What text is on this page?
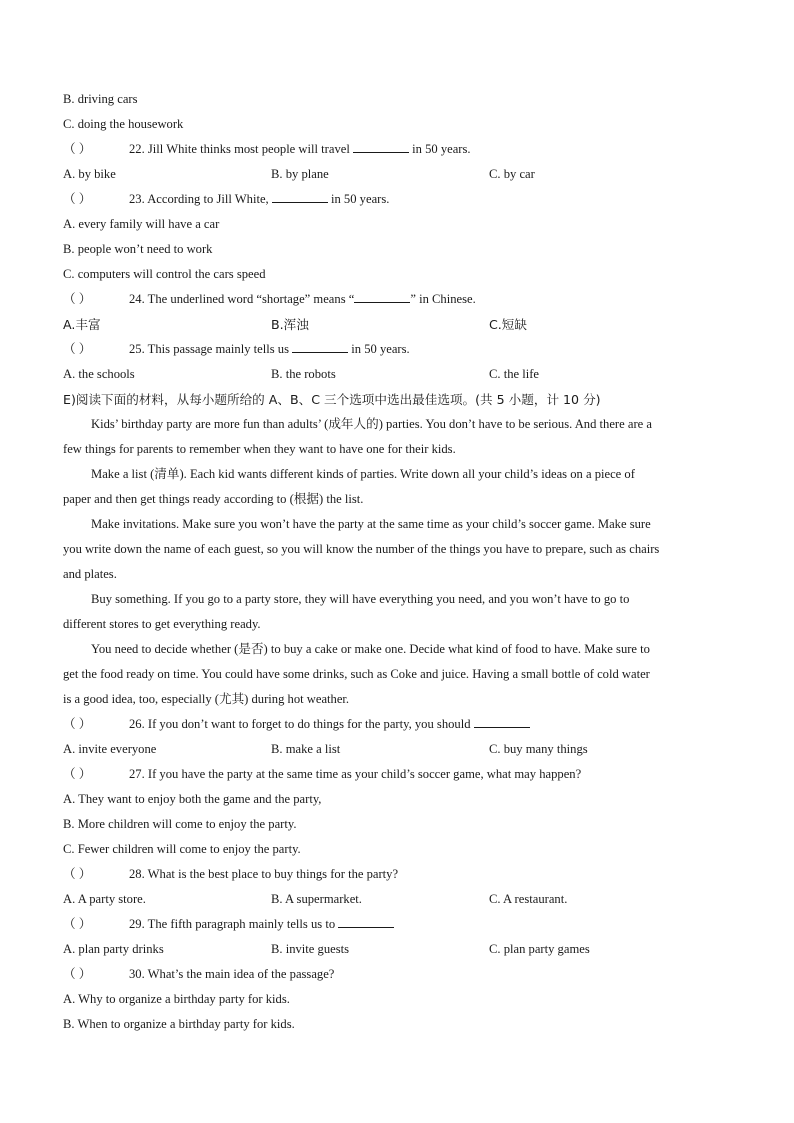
B. driving cars
C. doing the housework
（ ）	22. Jill White thinks most people will travel	in 50 years.
A. by bike	B. by plane	C. by car
（ ）	23. According to Jill White,	in 50 years.
A. every family will have a car
B. people won’t need to work
C. computers will control the cars speed
（ ）	24. The underlined word “shortage” means “	” in Chinese.
A.丰富	B.浑浊	C.短缺
（ ）	25. This passage mainly tells us	in 50 years.
A. the schools	B. the robots	C. the life
E)阅读下面的材料，从每小题所给的 A、B、C 三个选项中选出最佳选项。(共 5 小题，计 10 分)
Kids’ birthday party are more fun than adults’ (成年人的) parties. You don’t have to be serious. And there are a
few things for parents to remember when they want to have one for their kids.
Make a list (清单). Each kid wants different kinds of parties. Write down all your child’s ideas on a piece of
paper and then get things ready according to (根据) the list.
Make invitations. Make sure you won’t have the party at the same time as your child’s soccer game. Make sure
you write down the name of each guest, so you will know the number of the things you have to prepare, such as chairs
and plates.
Buy something. If you go to a party store, they will have everything you need, and you won’t have to go to
different stores to get everything ready.
You need to decide whether (是否) to buy a cake or make one. Decide what kind of food to have. Make sure to
get the food ready on time. You could have some drinks, such as Coke and juice. Having a small bottle of cold water
is a good idea, too, especially (尤其) during hot weather.
（ ）	26. If you don’t want to forget to do things for the party, you should
A. invite everyone	B. make a list	C. buy many things
（ ）	27. If you have the party at the same time as your child’s soccer game, what may happen?
A. They want to enjoy both the game and the party,
B. More children will come to enjoy the party.
C. Fewer children will come to enjoy the party.
（ ）	28. What is the best place to buy things for the party?
A. A party store.	B. A supermarket.	C. A restaurant.
（ ）	29. The fifth paragraph mainly tells us to
A. plan party drinks	B. invite guests	C. plan party games
（ ）	30. What’s the main idea of the passage?
A. Why to organize a birthday party for kids.
B. When to organize a birthday party for kids.
